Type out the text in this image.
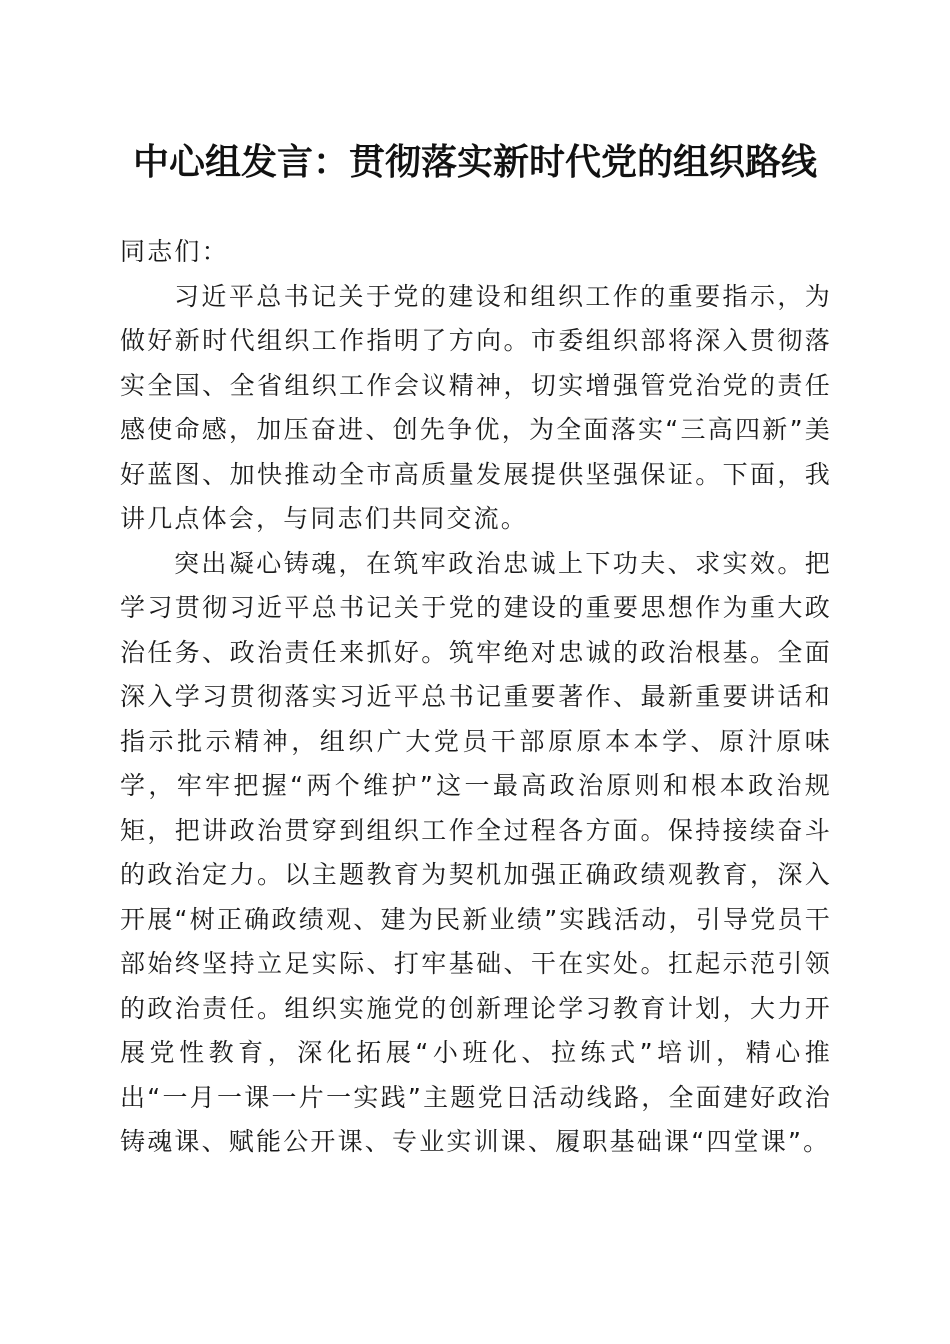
中心组发言：贯彻落实新时代党的组织路线

同志们：

习近平总书记关于党的建设和组织工作的重要指示，为做好新时代组织工作指明了方向。市委组织部将深入贯彻落实全国、全省组织工作会议精神，切实增强管党治党的责任感使命感，加压奋进、创先争优，为全面落实“三高四新”美好蓝图、加快推动全市高质量发展提供坚强保证。下面，我讲几点体会，与同志们共同交流。

突出凝心铸魂，在筑牢政治忠诚上下功夫、求实效。把学习贯彻习近平总书记关于党的建设的重要思想作为重大政治任务、政治责任来抓好。筑牢绝对忠诚的政治根基。全面深入学习贯彻落实习近平总书记重要著作、最新重要讲话和指示批示精神，组织广大党员干部原原本本学、原汁原味学，牢牢把握“两个维护”这一最高政治原则和根本政治规矩，把讲政治贯穿到组织工作全过程各方面。保持接续奋斗的政治定力。以主题教育为契机加强正确政绩观教育，深入开展“树正确政绩观、建为民新业绩”实践活动，引导党员干部始终坚持立足实际、打牢基础、干在实处。扛起示范引领的政治责任。组织实施党的创新理论学习教育计划，大力开展党性教育，深化拓展“小班化、拉练式”培训，精心推出“一月一课一片一实践”主题党日活动线路，全面建好政治铸魂课、赋能公开课、专业实训课、履职基础课“四堂课”。
